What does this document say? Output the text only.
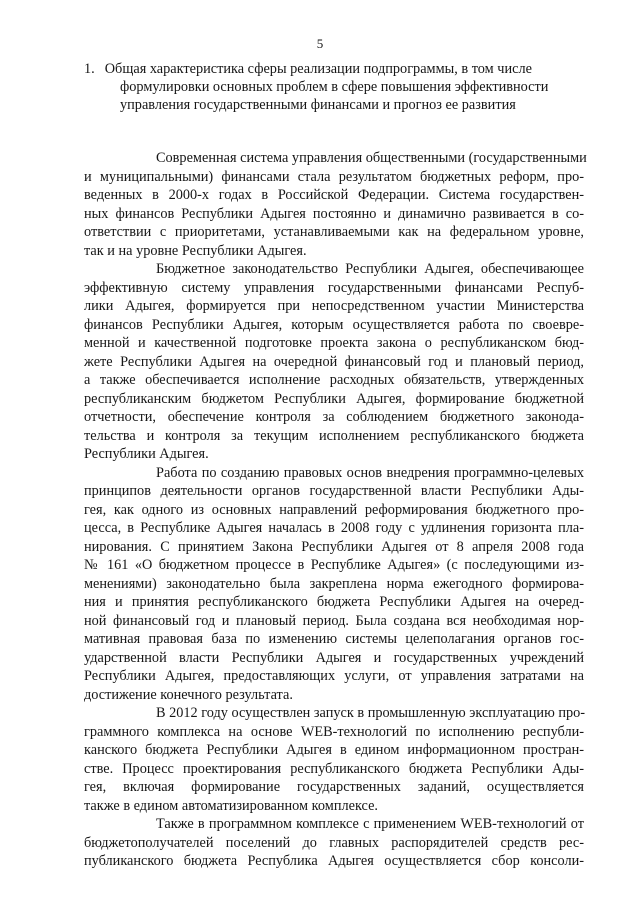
5
1. Общая характеристика сферы реализации подпрограммы, в том числе
формулировки основных проблем в сфере повышения эффективности
управления государственными финансами и прогноз ее развития
Современная система управления общественными (государственными
и муниципальными) финансами стала результатом бюджетных реформ, про-
веденных в 2000-х годах в Российской Федерации. Система государствен-
ных финансов Республики Адыгея постоянно и динамично развивается в со-
ответствии с приоритетами, устанавливаемыми как на федеральном уровне,
так и на уровне Республики Адыгея.
Бюджетное законодательство Республики Адыгея, обеспечивающее
эффективную систему управления государственными финансами Респуб-
лики Адыгея, формируется при непосредственном участии Министерства
финансов Республики Адыгея, которым осуществляется работа по своевре-
менной и качественной подготовке проекта закона о республиканском бюд-
жете Республики Адыгея на очередной финансовый год и плановый период,
а также обеспечивается исполнение расходных обязательств, утвержденных
республиканским бюджетом Республики Адыгея, формирование бюджетной
отчетности, обеспечение контроля за соблюдением бюджетного законода-
тельства и контроля за текущим исполнением республиканского бюджета
Республики Адыгея.
Работа по созданию правовых основ внедрения программно-целевых
принципов деятельности органов государственной власти Республики Ады-
гея, как одного из основных направлений реформирования бюджетного про-
цесса, в Республике Адыгея началась в 2008 году с удлинения горизонта пла-
нирования. С принятием Закона Республики Адыгея от 8 апреля 2008 года
№ 161 «О бюджетном процессе в Республике Адыгея» (с последующими из-
менениями) законодательно была закреплена норма ежегодного формирова-
ния и принятия республиканского бюджета Республики Адыгея на очеред-
ной финансовый год и плановый период. Была создана вся необходимая нор-
мативная правовая база по изменению системы целеполагания органов гос-
ударственной власти Республики Адыгея и государственных учреждений
Республики Адыгея, предоставляющих услуги, от управления затратами на
достижение конечного результата.
В 2012 году осуществлен запуск в промышленную эксплуатацию про-
граммного комплекса на основе WEB-технологий по исполнению республи-
канского бюджета Республики Адыгея в едином информационном простран-
стве. Процесс проектирования республиканского бюджета Республики Ады-
гея, включая формирование государственных заданий, осуществляется
также в едином автоматизированном комплексе.
Также в программном комплексе с применением WEB-технологий от
бюджетополучателей поселений до главных распорядителей средств рес-
публиканского бюджета Республика Адыгея осуществляется сбор консоли-
